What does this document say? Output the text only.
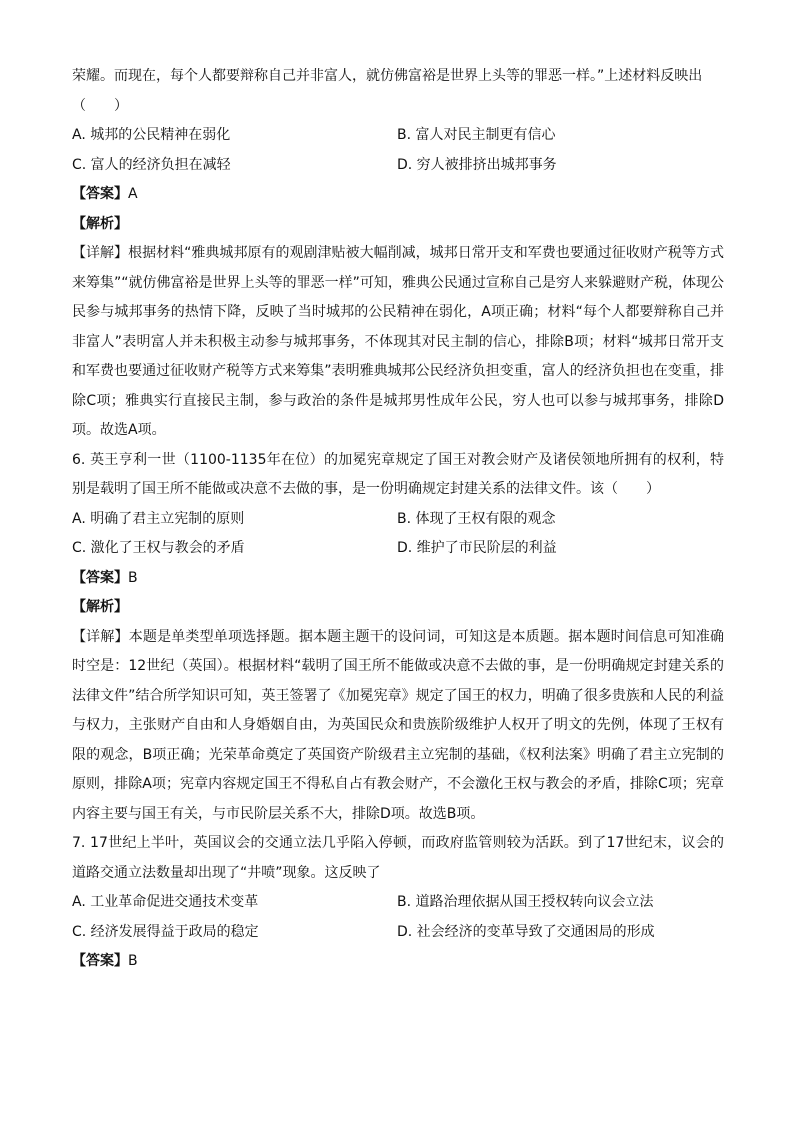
荣耀。而现在，每个人都要辩称自己并非富人，就仿佛富裕是世界上头等的罪恶一样。”上述材料反映出
（　　）
A. 城邦的公民精神在弱化	B. 富人对民主制更有信心
C. 富人的经济负担在减轻	D. 穷人被排挤出城邦事务
【答案】A
【解析】
【详解】根据材料“雅典城邦原有的观剧津贴被大幅削减，城邦日常开支和军费也要通过征收财产税等方式来筹集”“就仿佛富裕是世界上头等的罪恶一样”可知，雅典公民通过宣称自己是穷人来躲避财产税，体现公民参与城邦事务的热情下降，反映了当时城邦的公民精神在弱化，A项正确；材料“每个人都要辩称自己并非富人”表明富人并未积极主动参与城邦事务，不体现其对民主制的信心，排除B项；材料“城邦日常开支和军费也要通过征收财产税等方式来筹集”表明雅典城邦公民经济负担变重，富人的经济负担也在变重，排除C项；雅典实行直接民主制，参与政治的条件是城邦男性成年公民，穷人也可以参与城邦事务，排除D项。故选A项。
6. 英王亨利一世（1100-1135年在位）的加冕宪章规定了国王对教会财产及诸侯领地所拥有的权利，特别是载明了国王所不能做或决意不去做的事，是一份明确规定封建关系的法律文件。该（　　）
A. 明确了君主立宪制的原则	B. 体现了王权有限的观念
C. 激化了王权与教会的矛盾	D. 维护了市民阶层的利益
【答案】B
【解析】
【详解】本题是单类型单项选择题。据本题主题干的设问词，可知这是本质题。据本题时间信息可知准确时空是：12世纪（英国）。根据材料“载明了国王所不能做或决意不去做的事，是一份明确规定封建关系的法律文件”结合所学知识可知，英王签署了《加冕宪章》规定了国王的权力，明确了很多贵族和人民的利益与权力，主张财产自由和人身婚姻自由，为英国民众和贵族阶级维护人权开了明文的先例，体现了王权有限的观念，B项正确；光荣革命奠定了英国资产阶级君主立宪制的基础，《权利法案》明确了君主立宪制的原则，排除A项；宪章内容规定国王不得私自占有教会财产，不会激化王权与教会的矛盾，排除C项；宪章内容主要与国王有关，与市民阶层关系不大，排除D项。故选B项。
7. 17世纪上半叶，英国议会的交通立法几乎陷入停顿，而政府监管则较为活跃。到了17世纪末，议会的道路交通立法数量却出现了“井喷”现象。这反映了
A. 工业革命促进交通技术变革	B. 道路治理依据从国王授权转向议会立法
C. 经济发展得益于政局的稳定	D. 社会经济的变革导致了交通困局的形成
【答案】B
